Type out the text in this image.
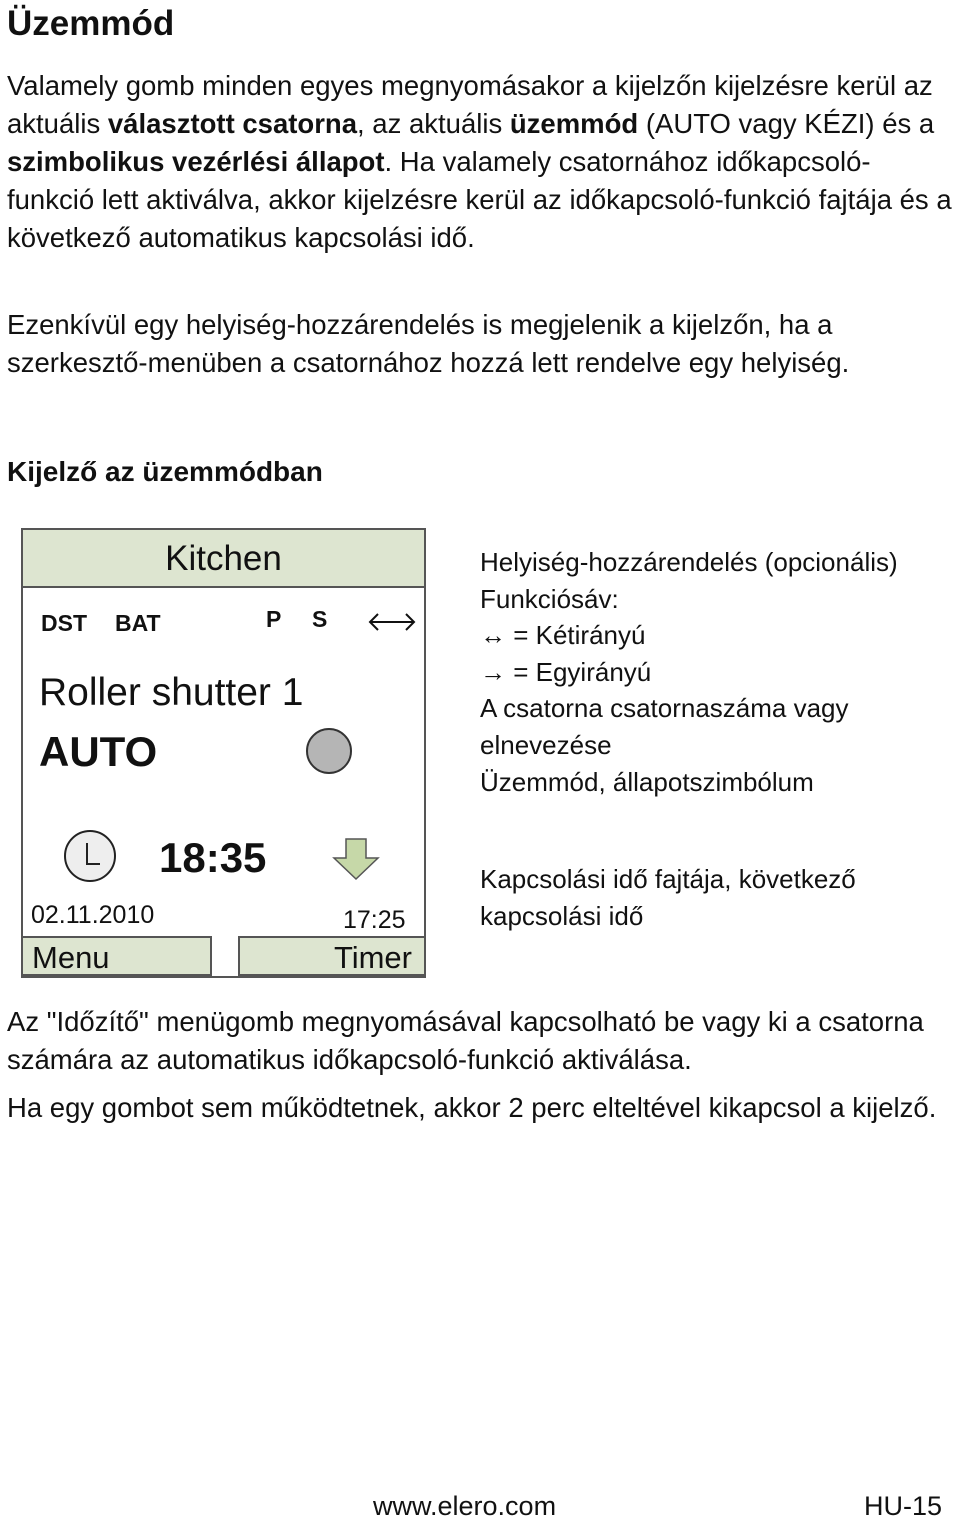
Üzemmód

Valamely gomb minden egyes megnyomásakor a kijelzőn kijelzésre kerül az aktuális választott csatorna, az aktuális üzemmód (AUTO vagy KÉZI) és a szimbolikus vezérlési állapot. Ha valamely csatornához időkapcsoló-funkció lett aktiválva, akkor kijelzésre kerül az időkapcsoló-funkció fajtája és a következő automatikus kapcsolási idő.

Ezenkívül egy helyiség-hozzárendelés is megjelenik a kijelzőn, ha a szerkesztő-menüben a csatornához hozzá lett rendelve egy helyiség.

Kijelző az üzemmódban
Kitchen
DST BAT	P S
Roller shutter 1
AUTO
18:35
02.11.2010	17:25
Menu	Timer
Helyiség-hozzárendelés (opcionális)
Funkciósáv:
↔ = Kétirányú
→ = Egyirányú
A csatorna csatornaszáma vagy
elnevezése
Üzemmód, állapotszimbólum
Kapcsolási idő fajtája, következő
kapcsolási idő

Az "Időzítő" menügomb megnyomásával kapcsolható be vagy ki a csatorna számára az automatikus időkapcsoló-funkció aktiválása.

Ha egy gombot sem működtetnek, akkor 2 perc elteltével kikapcsol a kijelző.

www.elero.com	HU-15
